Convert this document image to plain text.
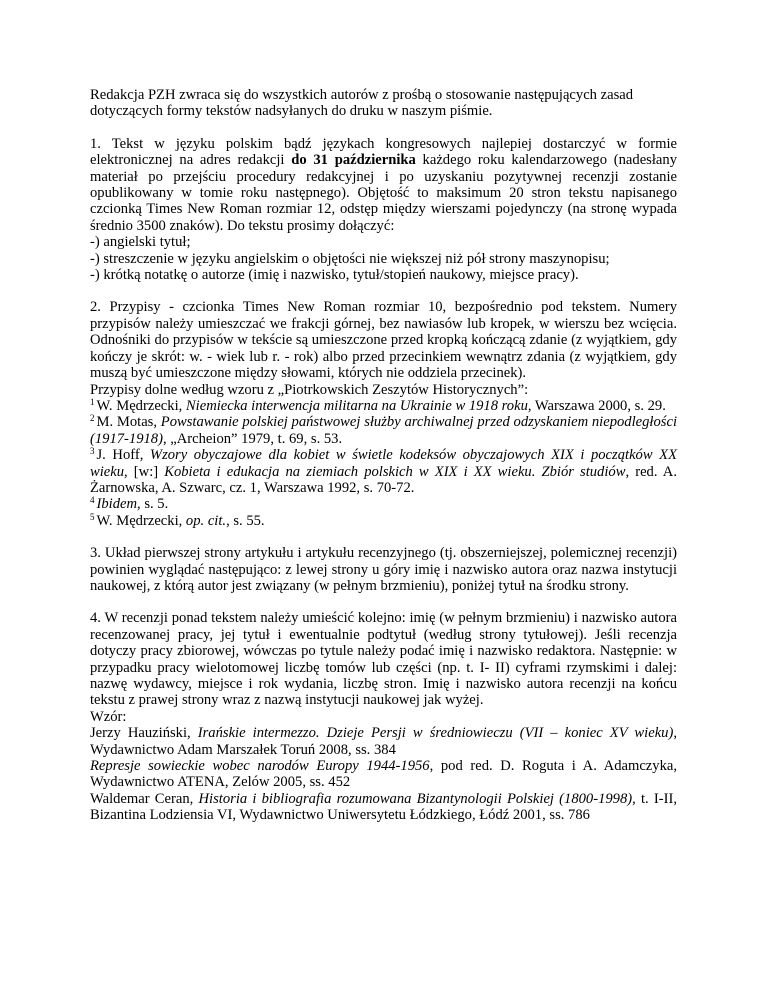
Redakcja PZH zwraca się do wszystkich autorów z prośbą o stosowanie następujących zasad dotyczących formy tekstów nadsyłanych do druku w naszym piśmie.

1. Tekst w języku polskim bądź językach kongresowych najlepiej dostarczyć w formie elektronicznej na adres redakcji do 31 października każdego roku kalendarzowego (nadesłany materiał po przejściu procedury redakcyjnej i po uzyskaniu pozytywnej recenzji zostanie opublikowany w tomie roku następnego). Objętość to maksimum 20 stron tekstu napisanego czcionką Times New Roman rozmiar 12, odstęp między wierszami pojedynczy (na stronę wypada średnio 3500 znaków). Do tekstu prosimy dołączyć:
-) angielski tytuł;
-) streszczenie w języku angielskim o objętości nie większej niż pół strony maszynopisu;
-) krótką notatkę o autorze (imię i nazwisko, tytuł/stopień naukowy, miejsce pracy).

2. Przypisy - czcionka Times New Roman rozmiar 10, bezpośrednio pod tekstem. Numery przypisów należy umieszczać we frakcji górnej, bez nawiasów lub kropek, w wierszu bez wcięcia. Odnośniki do przypisów w tekście są umieszczone przed kropką kończącą zdanie (z wyjątkiem, gdy kończy je skrót: w. - wiek lub r. - rok) albo przed przecinkiem wewnątrz zdania (z wyjątkiem, gdy muszą być umieszczone między słowami, których nie oddziela przecinek).
Przypisy dolne według wzoru z „Piotrkowskich Zeszytów Historycznych”:
$^1$ W. Mędrzecki, Niemiecka interwencja militarna na Ukrainie w 1918 roku, Warszawa 2000, s. 29.
$^2$ M. Motas, Powstawanie polskiej państwowej służby archiwalnej przed odzyskaniem niepodległości (1917-1918), „Archeion” 1979, t. 69, s. 53.
$^3$ J. Hoff, Wzory obyczajowe dla kobiet w świetle kodeksów obyczajowych XIX i początków XX wieku, [w:] Kobieta i edukacja na ziemiach polskich w XIX i XX wieku. Zbiór studiów, red. A. Żarnowska, A. Szwarc, cz. 1, Warszawa 1992, s. 70-72.
$^4$ Ibidem, s. 5.
$^5$ W. Mędrzecki, op. cit., s. 55.

3. Układ pierwszej strony artykułu i artykułu recenzyjnego (tj. obszerniejszej, polemicznej recenzji) powinien wyglądać następująco: z lewej strony u góry imię i nazwisko autora oraz nazwa instytucji naukowej, z którą autor jest związany (w pełnym brzmieniu), poniżej tytuł na środku strony.

4. W recenzji ponad tekstem należy umieścić kolejno: imię (w pełnym brzmieniu) i nazwisko autora recenzowanej pracy, jej tytuł i ewentualnie podtytuł (według strony tytułowej). Jeśli recenzja dotyczy pracy zbiorowej, wówczas po tytule należy podać imię i nazwisko redaktora. Następnie: w przypadku pracy wielotomowej liczbę tomów lub części (np. t. I- II) cyframi rzymskimi i dalej: nazwę wydawcy, miejsce i rok wydania, liczbę stron. Imię i nazwisko autora recenzji na końcu tekstu z prawej strony wraz z nazwą instytucji naukowej jak wyżej.
Wzór:
Jerzy Hauziński, Irańskie intermezzo. Dzieje Persji w średniowieczu (VII – koniec XV wieku), Wydawnictwo Adam Marszałek Toruń 2008, ss. 384
Represje sowieckie wobec narodów Europy 1944-1956, pod red. D. Roguta i A. Adamczyka, Wydawnictwo ATENA, Zelów 2005, ss. 452
Waldemar Ceran, Historia i bibliografia rozumowana Bizantynologii Polskiej (1800-1998), t. I-II, Bizantina Lodziensia VI, Wydawnictwo Uniwersytetu Łódzkiego, Łódź 2001, ss. 786
